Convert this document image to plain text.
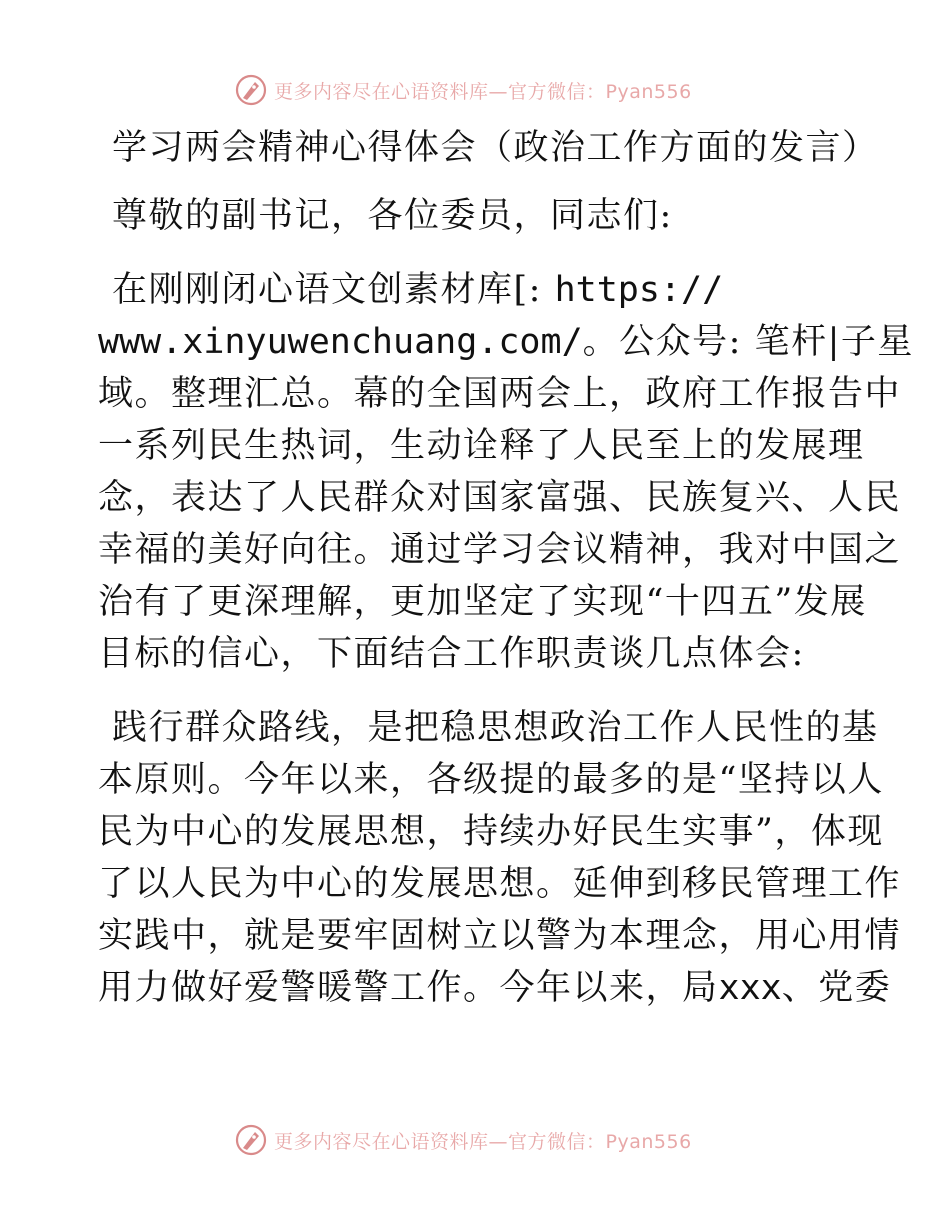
更多内容尽在心语资料库—官方微信：Pyan556
学习两会精神心得体会（政治工作方面的发言）
尊敬的副书记，各位委员，同志们:
在刚刚闭心语文创素材库[: https://
www.xinyuwenchuang.com/。公众号: 笔杆|子星
域。整理汇总。幕的全国两会上，政府工作报告中
一系列民生热词，生动诠释了人民至上的发展理
念，表达了人民群众对国家富强、民族复兴、人民
幸福的美好向往。通过学习会议精神，我对中国之
治有了更深理解，更加坚定了实现“十四五”发展
目标的信心，下面结合工作职责谈几点体会:
践行群众路线，是把稳思想政治工作人民性的基
本原则。今年以来，各级提的最多的是“坚持以人
民为中心的发展思想，持续办好民生实事”，体现
了以人民为中心的发展思想。延伸到移民管理工作
实践中，就是要牢固树立以警为本理念，用心用情
用力做好爱警暖警工作。今年以来，局xxx、党委
更多内容尽在心语资料库—官方微信：Pyan556
